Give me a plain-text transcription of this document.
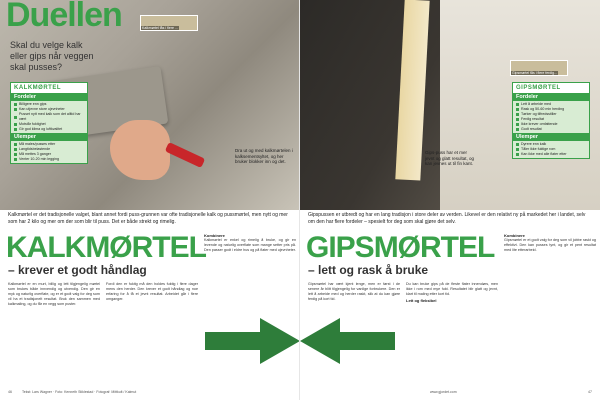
Duellen
Skal du velge kalk eller gips når veggen skal pusses?
Kalkmørtel fås i flere ...
Dra ut og med kalkmørtelen i kalksementsyltet, og her bruker blokker inn og det.
KALKMØRTEL
Fordeler
Billigere enn gips
Kan utjevne store ujevnheter
Pusset nytt med kalk som det alltid har vært
Motstår fuktighet
Gir god klima og luftkvalitet
Ulemper
Må males/pusses etter
Langtidsbelastende
Må mettes 3 ganger
Venter 10-20 min legging
Kalkmørtel er det tradisjonelle valget, blant annet fordi puss-grunnen var ofte tradisjonelle kalk og pussmørtel, men nytt og mer som har 2 kilo og mer om der som blir til puss. Det er både strekt og rimelig.
KALKMØRTEL
– krever et godt håndlag
Kalkmørtel er en murt, billig og lett tilgjengelig mørtel som brukes både innvendig og utvendig. Den gir en myk og naturlig overflate, og er et godt valg for deg som vil ha et tradisjonelt resultat. Bruk den sammen med kalkmaling, og du får en vegg som puster.
Fordi den er fuktig må den holdes fuktig i flere dager mens den herder. Den krever et godt håndlag og noe erfaring for å få et jevnt resultat. Arbeidet går i flere omganger.
Kombinere
Kalkmørtel er enkel og rimelig å bruke, og gir en levende og naturlig overflate som mange setter pris på. Den passer godt i eldre hus og på flater med ujevnheter.
46	Tekst: Lars Wagner · Foto: Kenneth Stiklestad · Fotograf: Mittkult / Kalmut
Gipsmørtel fås i flere ferdig...
Gips-puss har et mer jevnt og glatt resultat, og kan jevnes ut til fin kant.
GIPSMØRTEL
Fordeler
Lett å arbeide med
Rask og 50-60 min herding
Tørker og tilfredsstiller
Ferdig resultat
Ikke krever omfattende
Godt resultat
Ulemper
Dyrere enn kalk
Tåler ikke fuktige rom
Kan ikke med alle flater etter
Gipspussen er utbredt og har en lang tradisjon i store deler av verden. Likevel er den relativt ny på markedet her i landet, selv om den har flere fordeler – spesielt for deg som skal gjøre det selv.
GIPSMØRTEL
– lett og rask å bruke
Gipsmørtel har vært kjent lenge, men er først i de senere år blitt tilgjengelig for vanlige forbrukere. Den er lett å arbeide med og herder raskt, slik at du kan gjøre ferdig på kort tid.
Du kan bruke gips på de fleste flater innendørs, men ikke i rom med mye fukt. Resultatet blir glatt og jevnt, klart til maling etter kort tid.
Lett og fleksibel
Kombinere
Gipsmørtel er et godt valg for deg som vil jobbe raskt og effektivt. Den kan pusses tynt, og gir et pent resultat med lite etterarbeid.
www.gjordet.com	47
